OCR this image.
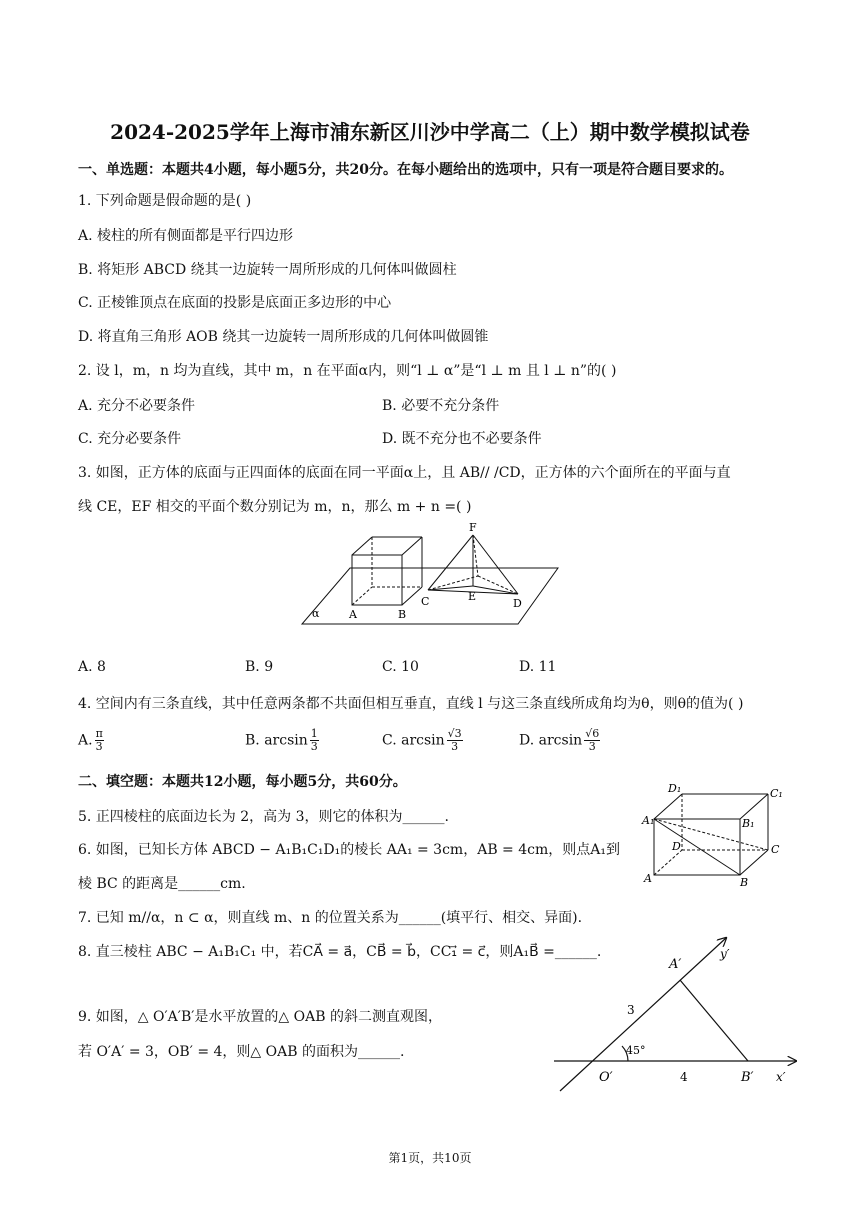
2024-2025学年上海市浦东新区川沙中学高二（上）期中数学模拟试卷
一、单选题：本题共4小题，每小题5分，共20分。在每小题给出的选项中，只有一项是符合题目要求的。
1. 下列命题是假命题的是( )
A. 棱柱的所有侧面都是平行四边形
B. 将矩形 ABCD 绕其一边旋转一周所形成的几何体叫做圆柱
C. 正棱锥顶点在底面的投影是底面正多边形的中心
D. 将直角三角形 AOB 绕其一边旋转一周所形成的几何体叫做圆锥
2. 设 l，m，n 均为直线，其中 m，n 在平面α内，则“l ⊥ α”是“l ⊥ m 且 l ⊥ n”的( )
A. 充分不必要条件	B. 必要不充分条件
C. 充分必要条件	D. 既不充分也不必要条件
3. 如图，正方体的底面与正四面体的底面在同一平面α上，且 AB// /CD，正方体的六个面所在的平面与直
线 CE，EF 相交的平面个数分别记为 m，n，那么 m + n =( )
α	A	B
C	D
E
F
A. 8	B. 9	C. 10	D. 11
4. 空间内有三条直线，其中任意两条都不共面但相互垂直，直线 l 与这三条直线所成角均为θ，则θ的值为( )
A. $\frac{\pi}{3}$	B. $\arcsin \frac{1}{3}$	C. $\arcsin \frac{√3}{3}$	D. $\arcsin \frac{√6}{3}$
二、填空题：本题共12小题，每小题5分，共60分。
5. 正四棱柱的底面边长为 2，高为 3，则它的体积为______.
6. 如图，已知长方体 ABCD − A₁B₁C₁D₁的棱长 AA₁ = 3cm，AB = 4cm，则点A₁到
棱 BC 的距离是______cm.	A	B
C
D
A₁	B₁
C₁
D₁
7. 已知 m//α，n ⊂ α，则直线 m、n 的位置关系为______(填平行、相交、异面).
8. 直三棱柱 ABC − A₁B₁C₁ 中，若CA⃗ = a⃗，CB⃗ = b⃗，CC₁⃗ = c⃗，则A₁B⃗ =______.
9. 如图，△ O′A′B′是水平放置的△ OAB 的斜二测直观图，
若 O′A′ = 3，OB′ = 4，则△ OAB 的面积为______.
O′
A′
B′ x′
y′
3
4
45°
第1页，共10页
